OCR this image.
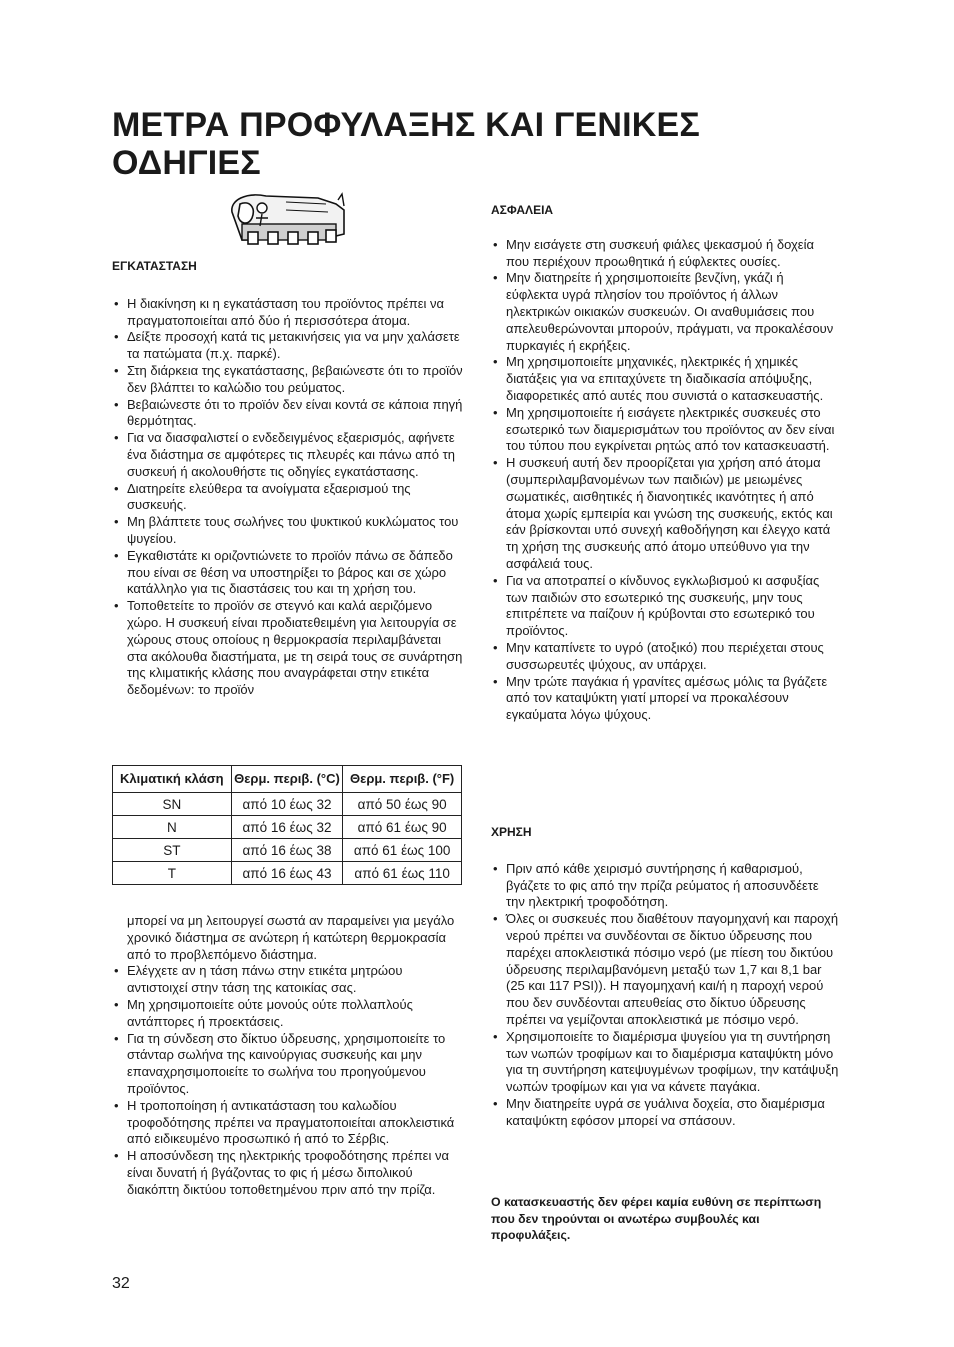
ΜΕΤΡΑ ΠΡΟΦΥΛΑΞΗΣ ΚΑΙ ΓΕΝΙΚΕΣ ΟΔΗΓΙΕΣ
ΕΓΚΑΤΑΣΤΑΣΗ
• Η διακίνηση κι η εγκατάσταση του προϊόντος πρέπει να πραγματοποιείται από δύο ή περισσότερα άτομα.
• Δείξτε προσοχή κατά τις μετακινήσεις για να μην χαλάσετε τα πατώματα (π.χ. παρκέ).
• Στη διάρκεια της εγκατάστασης, βεβαιώνεστε ότι το προϊόν δεν βλάπτει το καλώδιο του ρεύματος.
• Βεβαιώνεστε ότι το προϊόν δεν είναι κοντά σε κάποια πηγή θερμότητας.
• Για να διασφαλιστεί ο ενδεδειγμένος εξαερισμός, αφήνετε ένα διάστημα σε αμφότερες τις πλευρές και πάνω από τη συσκευή ή ακολουθήστε τις οδηγίες εγκατάστασης.
• Διατηρείτε ελεύθερα τα ανοίγματα εξαερισμού της συσκευής.
• Μη βλάπτετε τους σωλήνες του ψυκτικού κυκλώματος του ψυγείου.
• Εγκαθιστάτε κι οριζοντιώνετε το προϊόν πάνω σε δάπεδο που είναι σε θέση να υποστηρίξει το βάρος και σε χώρο κατάλληλο για τις διαστάσεις του και τη χρήση του.
• Τοποθετείτε το προϊόν σε στεγνό και καλά αεριζόμενο χώρο. Η συσκευή είναι προδιατεθειμένη για λειτουργία σε χώρους στους οποίους η θερμοκρασία περιλαμβάνεται στα ακόλουθα διαστήματα, με τη σειρά τους σε συνάρτηση της κλιματικής κλάσης που αναγράφεται στην ετικέτα δεδομένων: το προϊόν
Κλιματική κλάση	Θερμ. περιβ. (°C)	Θερμ. περιβ. (°F)
SN	από 10 έως 32	από 50 έως 90
N	από 16 έως 32	από 61 έως 90
ST	από 16 έως 38	από 61 έως 100
T	από 16 έως 43	από 61 έως 110

μπορεί να μη λειτουργεί σωστά αν παραμείνει για μεγάλο χρονικό διάστημα σε ανώτερη ή κατώτερη θερμοκρασία από το προβλεπόμενο διάστημα.

• Ελέγχετε αν η τάση πάνω στην ετικέτα μητρώου αντιστοιχεί στην τάση της κατοικίας σας.
• Μη χρησιμοποιείτε ούτε μονούς ούτε πολλαπλούς αντάπτορες ή προεκτάσεις.
• Για τη σύνδεση στο δίκτυο ύδρευσης, χρησιμοποιείτε το στάνταρ σωλήνα της καινούργιας συσκευής και μην επαναχρησιμοποιείτε το σωλήνα του προηγούμενου προϊόντος.
• Η τροποποίηση ή αντικατάσταση του καλωδίου τροφοδότησης πρέπει να πραγματοποιείται αποκλειστικά από ειδικευμένο προσωπικό ή από το Σέρβις.
• Η αποσύνδεση της ηλεκτρικής τροφοδότησης πρέπει να είναι δυνατή ή βγάζοντας το φις ή μέσω διπολικού διακόπτη δικτύου τοποθετημένου πριν από την πρίζα.
ΑΣΦΑΛΕΙΑ
• Μην εισάγετε στη συσκευή φιάλες ψεκασμού ή δοχεία που περιέχουν προωθητικά ή εύφλεκτες ουσίες.
• Μην διατηρείτε ή χρησιμοποιείτε βενζίνη, γκάζι ή εύφλεκτα υγρά πλησίον του προϊόντος ή άλλων ηλεκτρικών οικιακών συσκευών. Οι αναθυμιάσεις που απελευθερώνονται μπορούν, πράγματι, να προκαλέσουν πυρκαγιές ή εκρήξεις.
• Μη χρησιμοποιείτε μηχανικές, ηλεκτρικές ή χημικές διατάξεις για να επιταχύνετε τη διαδικασία απόψυξης, διαφορετικές από αυτές που συνιστά ο κατασκευαστής.
• Μη χρησιμοποιείτε ή εισάγετε ηλεκτρικές συσκευές στο εσωτερικό των διαμερισμάτων του προϊόντος αν δεν είναι του τύπου που εγκρίνεται ρητώς από τον κατασκευαστή.
• Η συσκευή αυτή δεν προορίζεται για χρήση από άτομα (συμπεριλαμβανομένων των παιδιών) με μειωμένες σωματικές, αισθητικές ή διανοητικές ικανότητες ή από άτομα χωρίς εμπειρία και γνώση της συσκευής, εκτός και εάν βρίσκονται υπό συνεχή καθοδήγηση και έλεγχο κατά τη χρήση της συσκευής από άτομο υπεύθυνο για την ασφάλειά τους.
• Για να αποτραπεί ο κίνδυνος εγκλωβισμού κι ασφυξίας των παιδιών στο εσωτερικό της συσκευής, μην τους επιτρέπετε να παίζουν ή κρύβονται στο εσωτερικό του προϊόντος.
• Μην καταπίνετε το υγρό (ατοξικό) που περιέχεται στους συσσωρευτές ψύχους, αν υπάρχει.
• Μην τρώτε παγάκια ή γρανίτες αμέσως μόλις τα βγάζετε από τον καταψύκτη γιατί μπορεί να προκαλέσουν εγκαύματα λόγω ψύχους.
ΧΡΗΣΗ
• Πριν από κάθε χειρισμό συντήρησης ή καθαρισμού, βγάζετε το φις από την πρίζα ρεύματος ή αποσυνδέετε την ηλεκτρική τροφοδότηση.
• Όλες οι συσκευές που διαθέτουν παγομηχανή και παροχή νερού πρέπει να συνδέονται σε δίκτυο ύδρευσης που παρέχει αποκλειστικά πόσιμο νερό (με πίεση του δικτύου ύδρευσης περιλαμβανόμενη μεταξύ των 1,7 και 8,1 bar (25 και 117 PSI)). Η παγομηχανή και/ή η παροχή νερού που δεν συνδέονται απευθείας στο δίκτυο ύδρευσης πρέπει να γεμίζονται αποκλειστικά με πόσιμο νερό.
• Χρησιμοποιείτε το διαμέρισμα ψυγείου για τη συντήρηση των νωπών τροφίμων και το διαμέρισμα καταψύκτη μόνο για τη συντήρηση κατεψυγμένων τροφίμων, την κατάψυξη νωπών τροφίμων και για να κάνετε παγάκια.
• Μην διατηρείτε υγρά σε γυάλινα δοχεία, στο διαμέρισμα καταψύκτη εφόσον μπορεί να σπάσουν.

Ο κατασκευαστής δεν φέρει καμία ευθύνη σε περίπτωση που δεν τηρούνται οι ανωτέρω συμβουλές και προφυλάξεις.

32
